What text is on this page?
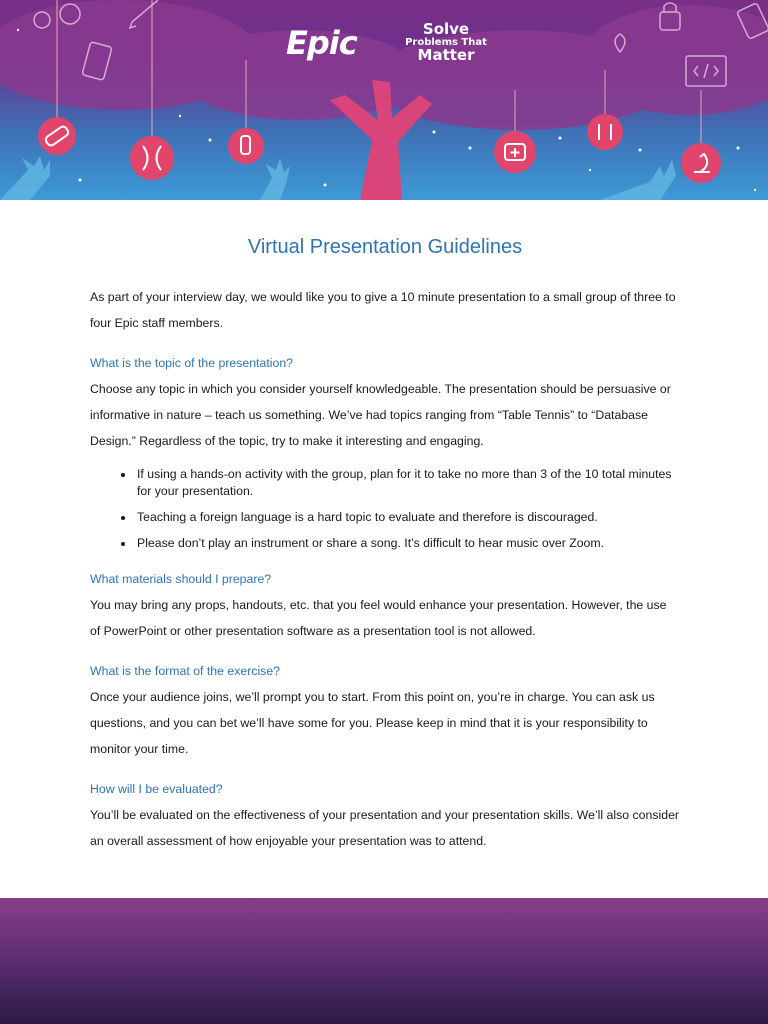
Epic	Solve
Problems That
Matter
Virtual Presentation Guidelines

As part of your interview day, we would like you to give a 10 minute presentation to a small group of three to four Epic staff members.

What is the topic of the presentation?

Choose any topic in which you consider yourself knowledgeable. The presentation should be persuasive or informative in nature – teach us something. We’ve had topics ranging from “Table Tennis” to “Database Design.” Regardless of the topic, try to make it interesting and engaging.

• If using a hands-on activity with the group, plan for it to take no more than 3 of the 10 total minutes for your presentation.
• Teaching a foreign language is a hard topic to evaluate and therefore is discouraged.
• Please don’t play an instrument or share a song. It’s difficult to hear music over Zoom.
What materials should I prepare?

You may bring any props, handouts, etc. that you feel would enhance your presentation. However, the use of PowerPoint or other presentation software as a presentation tool is not allowed.

What is the format of the exercise?

Once your audience joins, we’ll prompt you to start. From this point on, you’re in charge. You can ask us questions, and you can bet we’ll have some for you. Please keep in mind that it is your responsibility to monitor your time.

How will I be evaluated?

You’ll be evaluated on the effectiveness of your presentation and your presentation skills. We’ll also consider an overall assessment of how enjoyable your presentation was to attend.
